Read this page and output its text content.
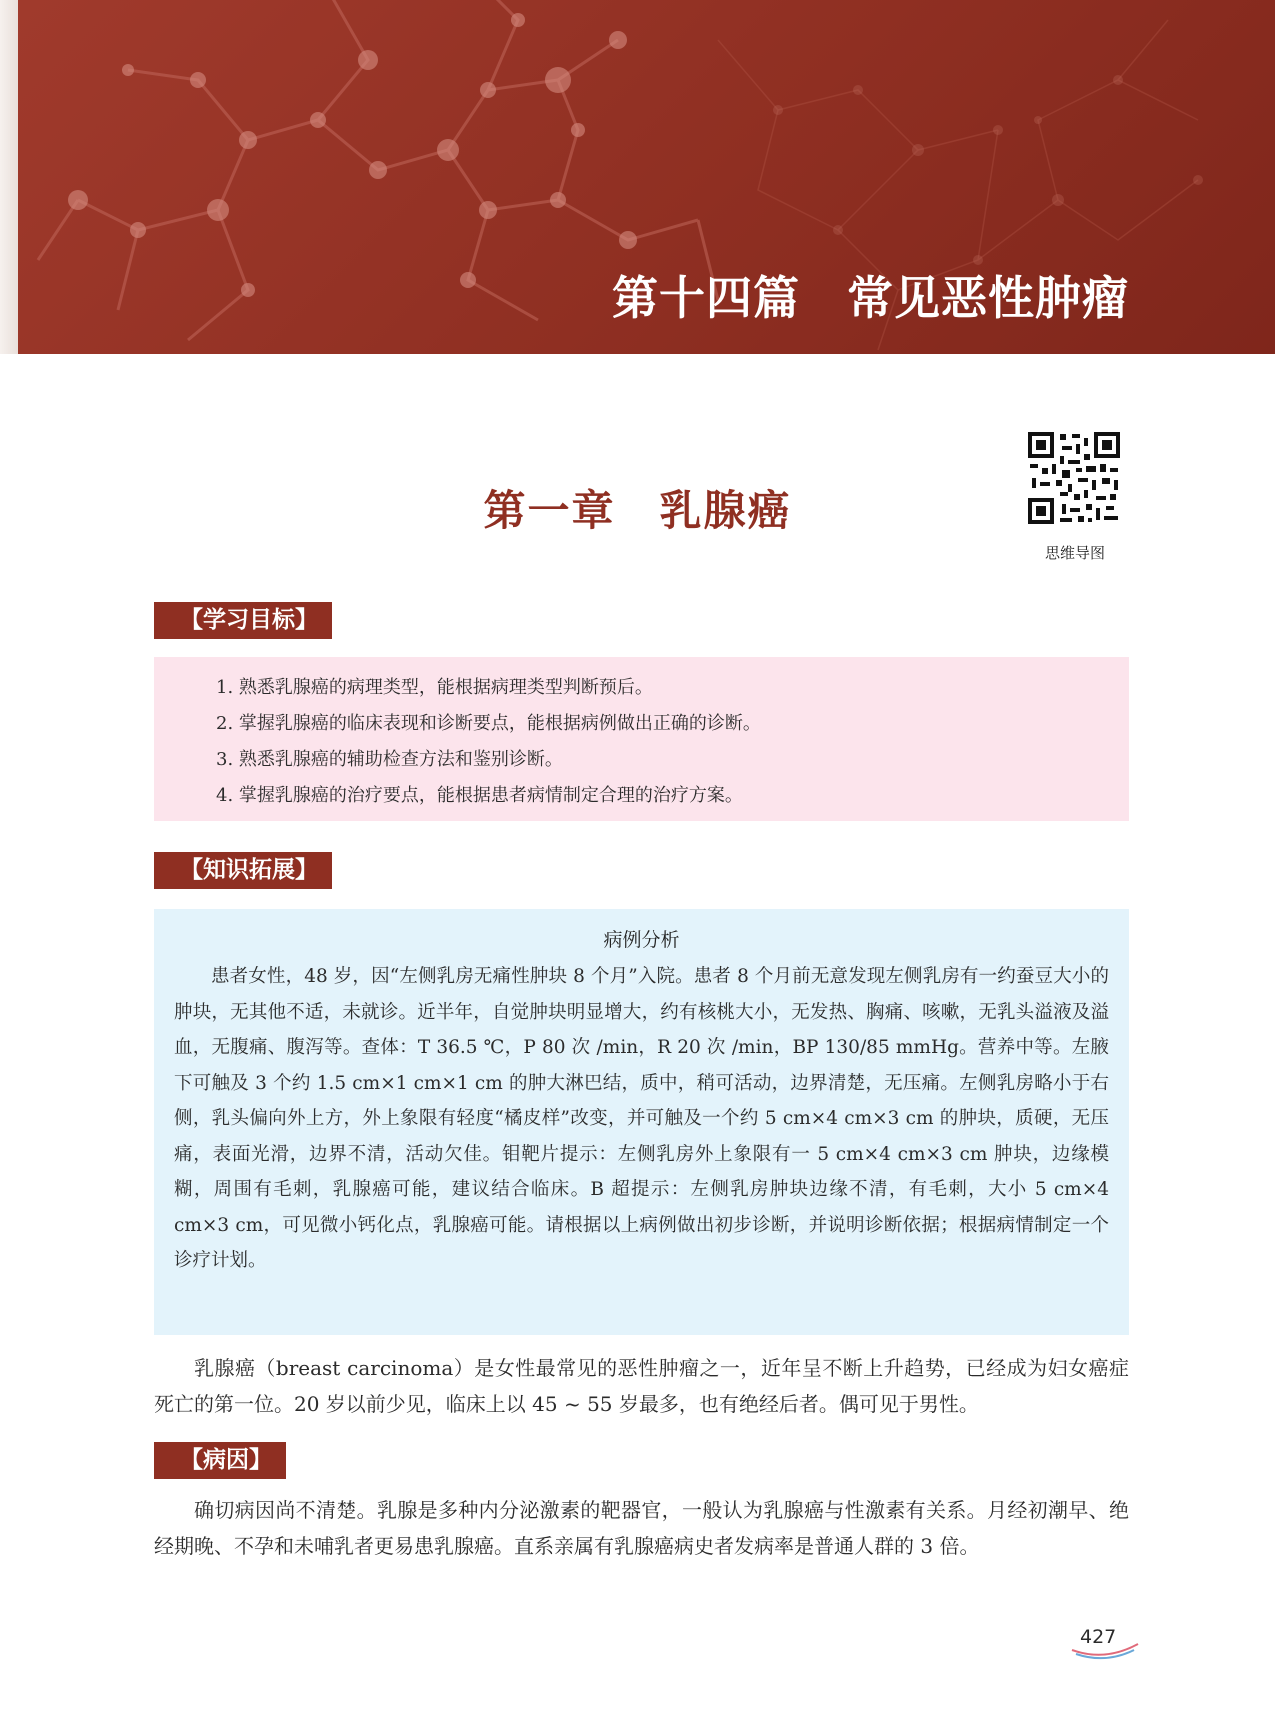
第十四篇　常见恶性肿瘤
第一章　乳腺癌
思维导图
【学习目标】
1. 熟悉乳腺癌的病理类型，能根据病理类型判断预后。
2. 掌握乳腺癌的临床表现和诊断要点，能根据病例做出正确的诊断。
3. 熟悉乳腺癌的辅助检查方法和鉴别诊断。
4. 掌握乳腺癌的治疗要点，能根据患者病情制定合理的治疗方案。
【知识拓展】
病例分析
患者女性，48 岁，因“左侧乳房无痛性肿块 8 个月”入院。患者 8 个月前无意发现左侧乳房有一约蚕豆大小的肿块，无其他不适，未就诊。近半年，自觉肿块明显增大，约有核桃大小，无发热、胸痛、咳嗽，无乳头溢液及溢血，无腹痛、腹泻等。查体：T 36.5 ℃，P 80 次 /min，R 20 次 /min，BP 130/85 mmHg。营养中等。左腋下可触及 3 个约 1.5 cm×1 cm×1 cm 的肿大淋巴结，质中，稍可活动，边界清楚，无压痛。左侧乳房略小于右侧，乳头偏向外上方，外上象限有轻度“橘皮样”改变，并可触及一个约 5 cm×4 cm×3 cm 的肿块，质硬，无压痛，表面光滑，边界不清，活动欠佳。钼靶片提示：左侧乳房外上象限有一 5 cm×4 cm×3 cm 肿块，边缘模糊，周围有毛刺，乳腺癌可能，建议结合临床。B 超提示：左侧乳房肿块边缘不清，有毛刺，大小 5 cm×4 cm×3 cm，可见微小钙化点，乳腺癌可能。请根据以上病例做出初步诊断，并说明诊断依据；根据病情制定一个诊疗计划。
乳腺癌（breast carcinoma）是女性最常见的恶性肿瘤之一，近年呈不断上升趋势，已经成为妇女癌症死亡的第一位。20 岁以前少见，临床上以 45 ~ 55 岁最多，也有绝经后者。偶可见于男性。
【病因】
确切病因尚不清楚。乳腺是多种内分泌激素的靶器官，一般认为乳腺癌与性激素有关系。月经初潮早、绝经期晚、不孕和未哺乳者更易患乳腺癌。直系亲属有乳腺癌病史者发病率是普通人群的 3 倍。
427
